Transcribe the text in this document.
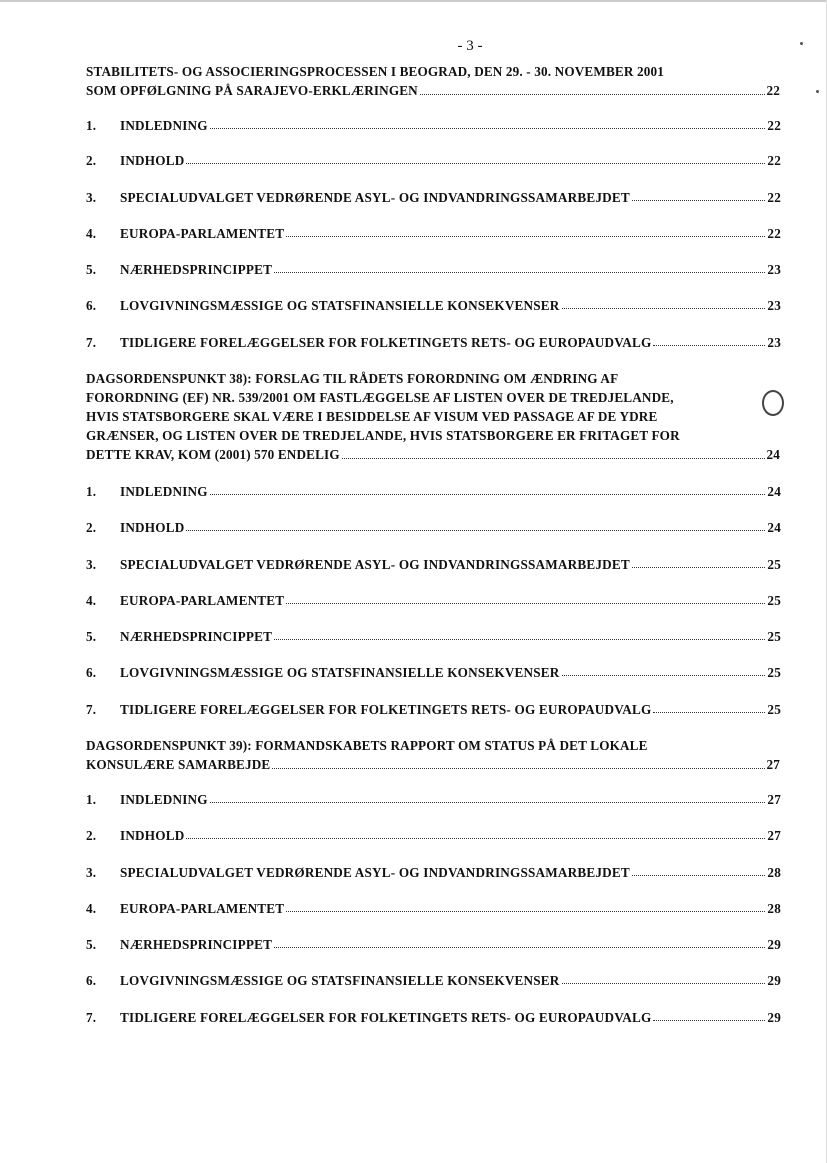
- 3 -
STABILITETS- OG ASSOCIERINGSPROCESSEN I BEOGRAD, DEN 29. - 30. NOVEMBER 2001
SOM OPFØLGNING PÅ SARAJEVO-ERKLÆRINGEN	22
1.	INDLEDNING	22
2.	INDHOLD	22
3.	SPECIALUDVALGET VEDRØRENDE ASYL- OG INDVANDRINGSSAMARBEJDET	22
4.	EUROPA-PARLAMENTET	22
5.	NÆRHEDSPRINCIPPET	23
6.	LOVGIVNINGSMÆSSIGE OG STATSFINANSIELLE KONSEKVENSER	23
7.	TIDLIGERE FORELÆGGELSER FOR FOLKETINGETS RETS- OG EUROPAUDVALG	23
DAGSORDENSPUNKT 38): FORSLAG TIL RÅDETS FORORDNING OM ÆNDRING AF
FORORDNING (EF) NR. 539/2001 OM FASTLÆGGELSE AF LISTEN OVER DE TREDJELANDE,
HVIS STATSBORGERE SKAL VÆRE I BESIDDELSE AF VISUM VED PASSAGE AF DE YDRE
GRÆNSER, OG LISTEN OVER DE TREDJELANDE, HVIS STATSBORGERE ER FRITAGET FOR
DETTE KRAV, KOM (2001) 570 ENDELIG	24
1.	INDLEDNING	24
2.	INDHOLD	24
3.	SPECIALUDVALGET VEDRØRENDE ASYL- OG INDVANDRINGSSAMARBEJDET	25
4.	EUROPA-PARLAMENTET	25
5.	NÆRHEDSPRINCIPPET	25
6.	LOVGIVNINGSMÆSSIGE OG STATSFINANSIELLE KONSEKVENSER	25
7.	TIDLIGERE FORELÆGGELSER FOR FOLKETINGETS RETS- OG EUROPAUDVALG	25
DAGSORDENSPUNKT 39): FORMANDSKABETS RAPPORT OM STATUS PÅ DET LOKALE
KONSULÆRE SAMARBEJDE	27
1.	INDLEDNING	27
2.	INDHOLD	27
3.	SPECIALUDVALGET VEDRØRENDE ASYL- OG INDVANDRINGSSAMARBEJDET	28
4.	EUROPA-PARLAMENTET	28
5.	NÆRHEDSPRINCIPPET	29
6.	LOVGIVNINGSMÆSSIGE OG STATSFINANSIELLE KONSEKVENSER	29
7.	TIDLIGERE FORELÆGGELSER FOR FOLKETINGETS RETS- OG EUROPAUDVALG	29
